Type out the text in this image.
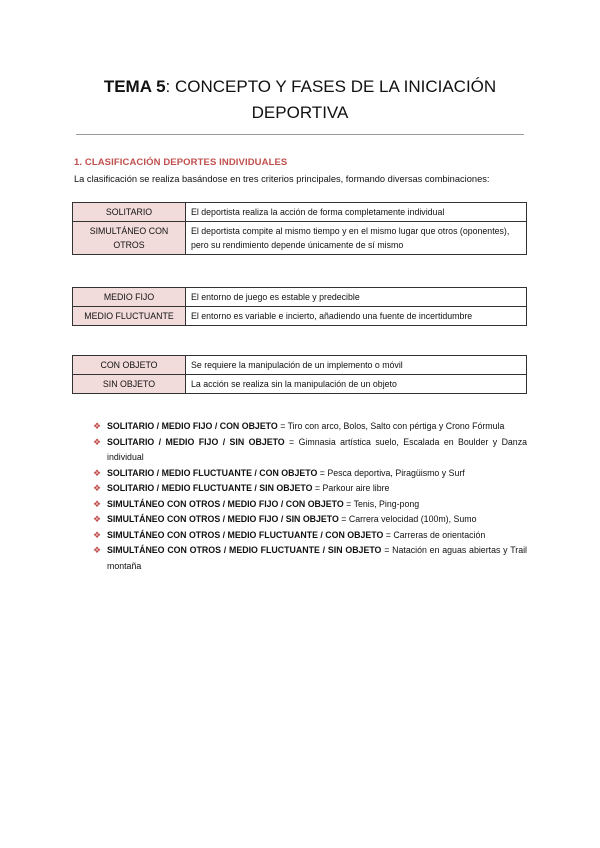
TEMA 5: CONCEPTO Y FASES DE LA INICIACIÓN
DEPORTIVA
1. CLASIFICACIÓN DEPORTES INDIVIDUALES
La clasificación se realiza basándose en tres criterios principales, formando diversas combinaciones:
SOLITARIO	El deportista realiza la acción de forma completamente individual
SIMULTÁNEO CON OTROS	El deportista compite al mismo tiempo y en el mismo lugar que otros (oponentes), pero su rendimiento depende únicamente de sí mismo
MEDIO FIJO	El entorno de juego es estable y predecible
MEDIO FLUCTUANTE	El entorno es variable e incierto, añadiendo una fuente de incertidumbre
CON OBJETO	Se requiere la manipulación de un implemento o móvil
SIN OBJETO	La acción se realiza sin la manipulación de un objeto
❖ SOLITARIO / MEDIO FIJO / CON OBJETO = Tiro con arco, Bolos, Salto con pértiga y Crono Fórmula
❖ SOLITARIO / MEDIO FIJO / SIN OBJETO = Gimnasia artística suelo, Escalada en Boulder y Danza individual
❖ SOLITARIO / MEDIO FLUCTUANTE / CON OBJETO = Pesca deportiva, Piragüismo y Surf
❖ SOLITARIO / MEDIO FLUCTUANTE / SIN OBJETO = Parkour aire libre
❖ SIMULTÁNEO CON OTROS / MEDIO FIJO / CON OBJETO = Tenis, Ping-pong
❖ SIMULTÁNEO CON OTROS / MEDIO FIJO / SIN OBJETO = Carrera velocidad (100m), Sumo
❖ SIMULTÁNEO CON OTROS / MEDIO FLUCTUANTE / CON OBJETO = Carreras de orientación
❖ SIMULTÁNEO CON OTROS / MEDIO FLUCTUANTE / SIN OBJETO = Natación en aguas abiertas y Trail montaña
